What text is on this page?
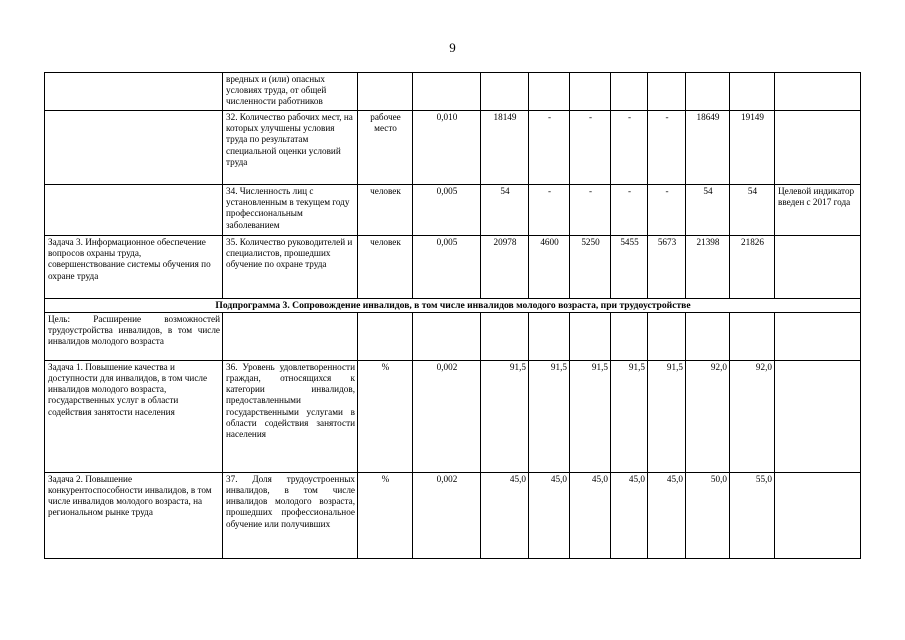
9
	вредных и (или) опасных условиях труда, от общей численности работников										
	32. Количество рабочих мест, на которых улучшены условия труда по результатам специальной оценки условий труда	рабочее место	0,010	18149	-	-	-	-	18649	19149	
	34. Численность лиц с установленным в текущем году профессиональным заболеванием	человек	0,005	54	-	-	-	-	54	54	Целевой индикатор введен с 2017 года
Задача 3. Информационное обеспечение вопросов охраны труда, совершенствование системы обучения по охране труда	35. Количество руководителей и специалистов, прошедших обучение по охране труда	человек	0,005	20978	4600	5250	5455	5673	21398	21826	
Подпрограмма 3. Сопровождение инвалидов, в том числе инвалидов молодого возраста, при трудоустройстве											
Цель: Расширение возможностей трудоустройства инвалидов, в том числе инвалидов молодого возраста											
Задача 1. Повышение качества и доступности для инвалидов, в том числе инвалидов молодого возраста, государственных услуг в области содействия занятости населения	36. Уровень удовлетворенности граждан, относящихся к категории инвалидов, предоставленными государственными услугами в области содействия занятости населения	%	0,002	91,5	91,5	91,5	91,5	91,5	92,0	92,0	
Задача 2. Повышение конкурентоспособности инвалидов, в том числе инвалидов молодого возраста, на региональном рынке труда	37. Доля трудоустроенных инвалидов, в том числе инвалидов молодого возраста, прошедших профессиональное обучение или получивших	%	0,002	45,0	45,0	45,0	45,0	45,0	50,0	55,0	
